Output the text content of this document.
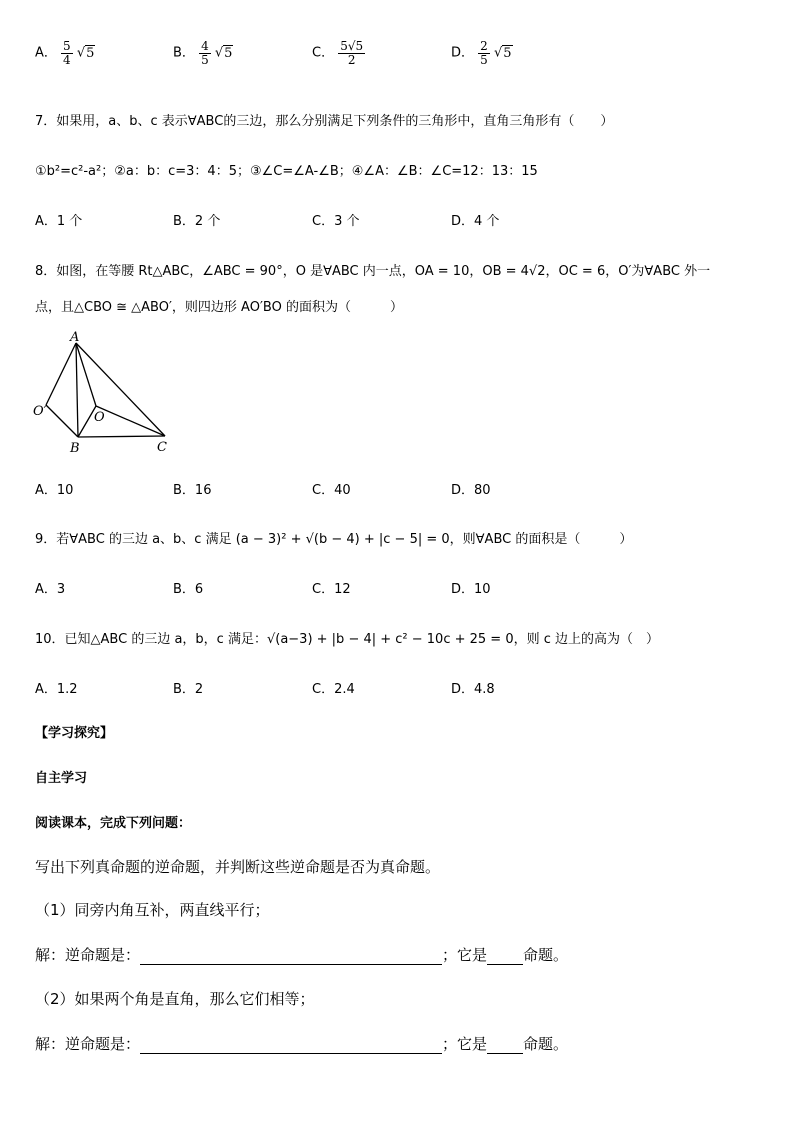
A． $\frac{5}{4} √5$	B． $\frac{4}{5} √5$	C． $\frac{5√5}{2}$	D． $\frac{2}{5} √5$
7．如果用，a、b、c 表示∀ABC的三边，那么分别满足下列条件的三角形中，直角三角形有（　　）
①b²=c²-a²；②a：b：c=3：4：5；③∠C=∠A-∠B；④∠A：∠B：∠C=12：13：15
A．1 个	B．2 个	C．3 个	D．4 个
8．如图，在等腰 Rt△ABC，∠ABC = 90°，O 是∀ABC 内一点，OA = 10，OB = 4√2，OC = 6，O′为∀ABC 外一
点，且△CBO ≅ △ABO′，则四边形 AO′BO 的面积为（　　　）
A
O′	O
B	C
A．10	B．16	C．40	D．80
9．若∀ABC 的三边 a、b、c 满足 (a − 3)² + √(b − 4) + |c − 5| = 0，则∀ABC 的面积是（　　　）
A．3	B．6	C．12	D．10
10．已知△ABC 的三边 a，b，c 满足：√(a−3) + |b − 4| + c² − 10c + 25 = 0，则 c 边上的高为（　）
A．1.2	B．2	C．2.4	D．4.8
【学习探究】
自主学习
阅读课本，完成下列问题：
写出下列真命题的逆命题，并判断这些逆命题是否为真命题。
（1）同旁内角互补，两直线平行；
解：逆命题是：	；它是 命题。
（2）如果两个角是直角，那么它们相等；
解：逆命题是：	；它是 命题。
